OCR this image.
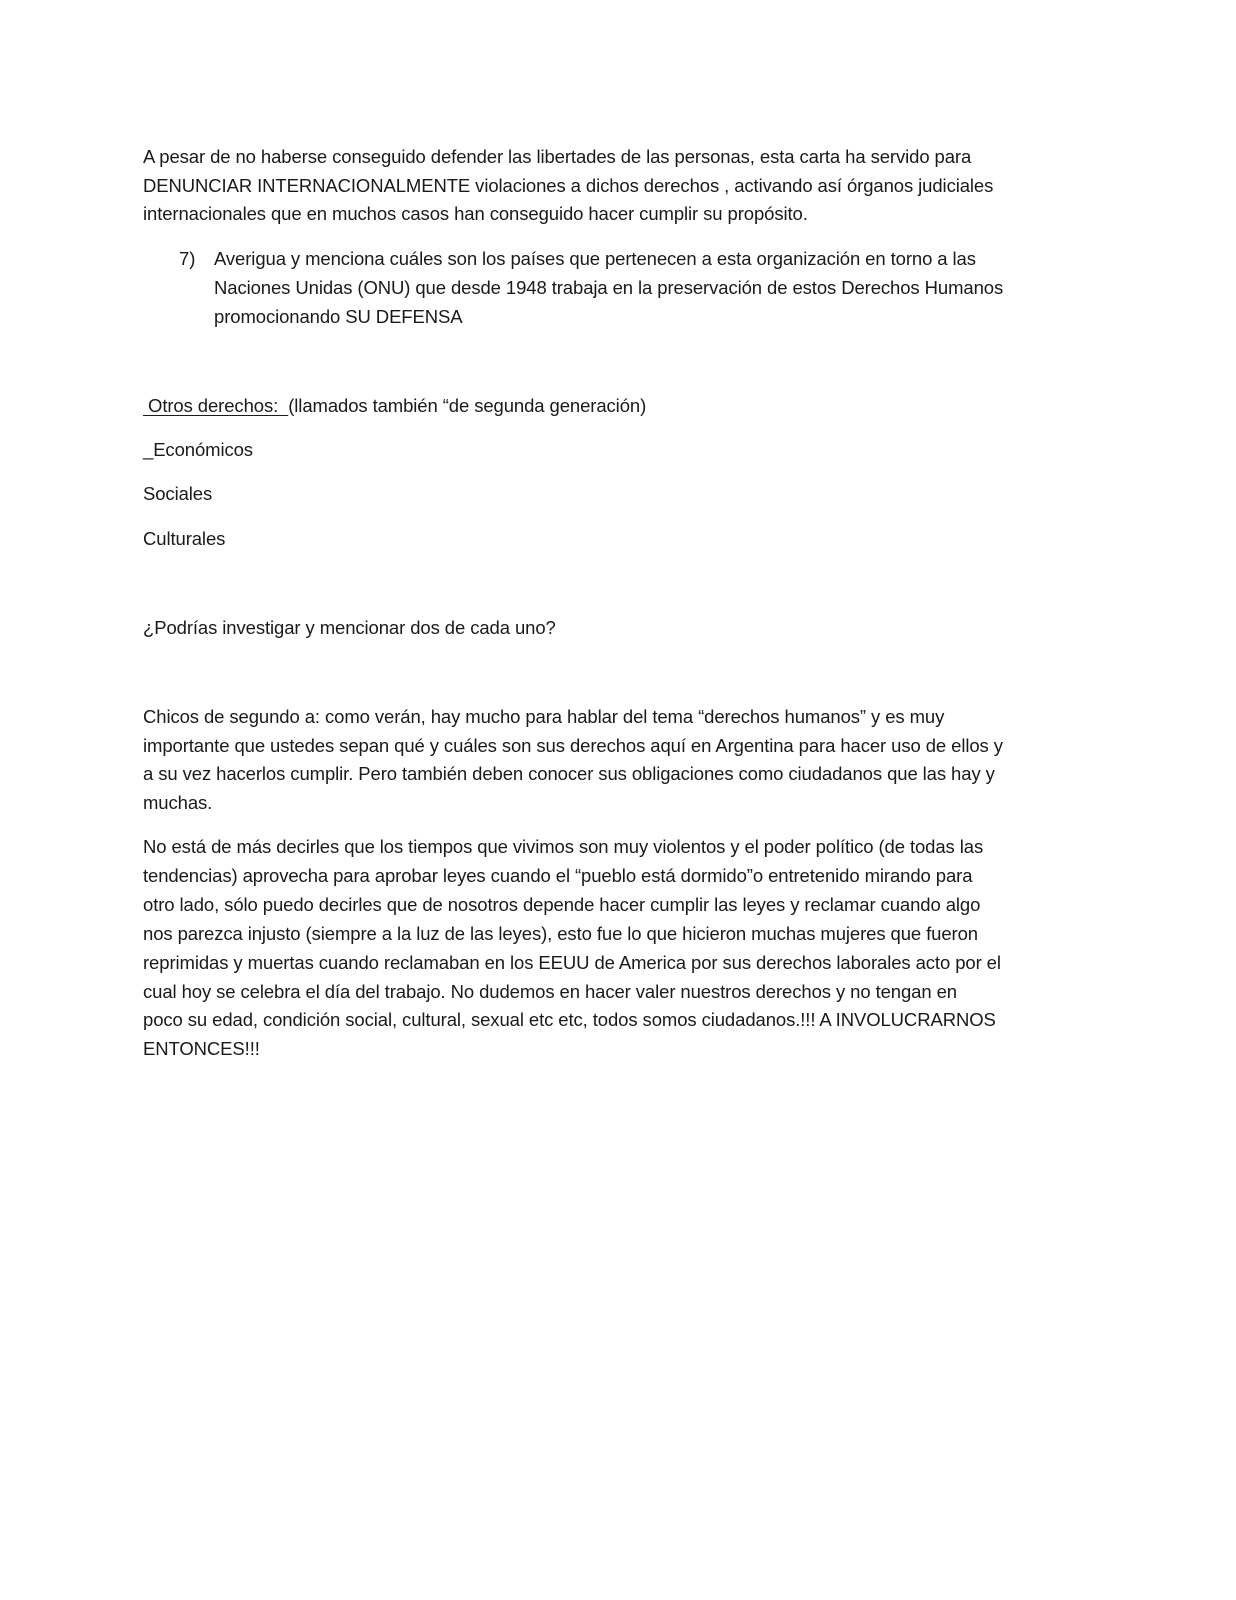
A pesar de no haberse conseguido defender las libertades de las personas, esta carta ha servido para
DENUNCIAR INTERNACIONALMENTE violaciones a dichos derechos , activando así órganos judiciales
internacionales que en muchos casos han conseguido hacer cumplir su propósito.
7) Averigua y menciona cuáles son los países que pertenecen a esta organización en torno a las
Naciones Unidas (ONU) que desde 1948 trabaja en la preservación de estos Derechos Humanos
promocionando SU DEFENSA
Otros derechos:  (llamados también “de segunda generación)
_Económicos
Sociales
Culturales
¿Podrías investigar y mencionar dos de cada uno?
Chicos de segundo a: como verán, hay mucho para hablar del tema “derechos humanos” y es muy
importante que ustedes sepan qué y cuáles son sus derechos aquí en Argentina para hacer uso de ellos y
a su vez hacerlos cumplir. Pero también deben conocer sus obligaciones como ciudadanos que las hay y
muchas.
No está de más decirles que los tiempos que vivimos son muy violentos y el poder político (de todas las
tendencias) aprovecha para aprobar leyes cuando el “pueblo está dormido”o entretenido mirando para
otro lado, sólo puedo decirles que de nosotros depende hacer cumplir las leyes y reclamar cuando algo
nos parezca injusto (siempre a la luz de las leyes), esto fue lo que hicieron muchas mujeres que fueron
reprimidas y muertas cuando reclamaban en los EEUU de America por sus derechos laborales acto por el
cual hoy se celebra el día del trabajo. No dudemos en hacer valer nuestros derechos y no tengan en
poco su edad, condición social, cultural, sexual etc etc, todos somos ciudadanos.!!! A INVOLUCRARNOS
ENTONCES!!!
